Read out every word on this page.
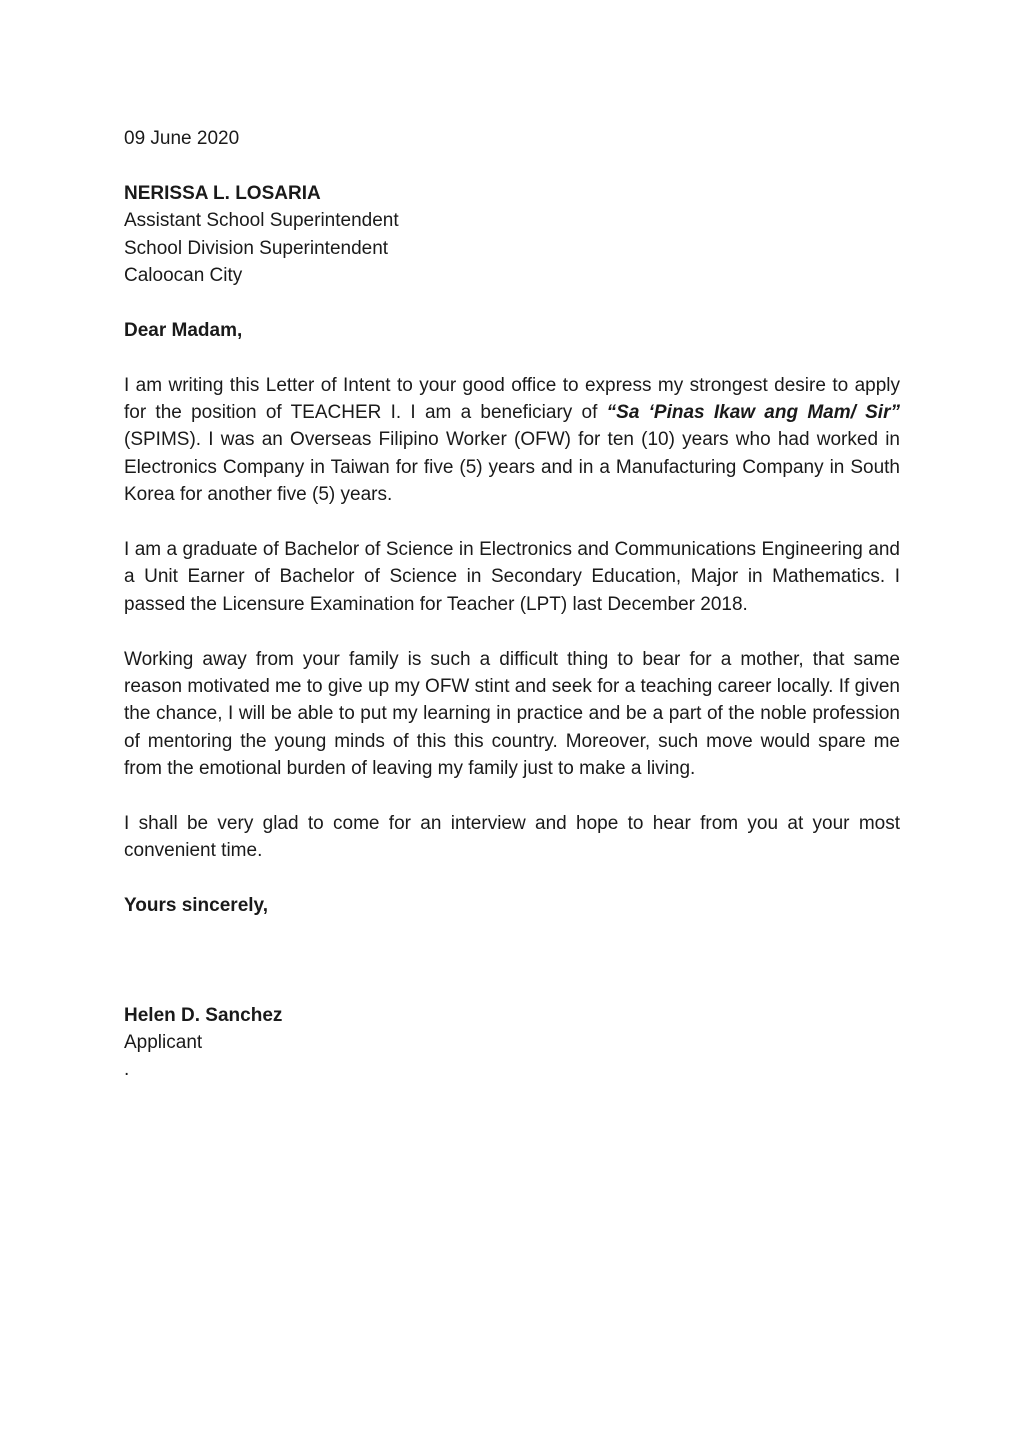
09 June 2020

NERISSA L. LOSARIA

Assistant School Superintendent

School Division Superintendent

Caloocan City

Dear Madam,

I am writing this Letter of Intent to your good office to express my strongest desire to apply for the position of TEACHER I. I am a beneficiary of “Sa ‘Pinas Ikaw ang Mam/ Sir” (SPIMS). I was an Overseas Filipino Worker (OFW) for ten (10) years who had worked in Electronics Company in Taiwan for five (5) years and in a Manufacturing Company in South Korea for another five (5) years.

I am a graduate of Bachelor of Science in Electronics and Communications Engineering and a Unit Earner of Bachelor of Science in Secondary Education, Major in Mathematics. I passed the Licensure Examination for Teacher (LPT) last December 2018.

Working away from your family is such a difficult thing to bear for a mother, that same reason motivated me to give up my OFW stint and seek for a teaching career locally. If given the chance, I will be able to put my learning in practice and be a part of the noble profession of mentoring the young minds of this this country. Moreover, such move would spare me from the emotional burden of leaving my family just to make a living.

I shall be very glad to come for an interview and hope to hear from you at your most convenient time.

Yours sincerely,

Helen D. Sanchez

Applicant

.
